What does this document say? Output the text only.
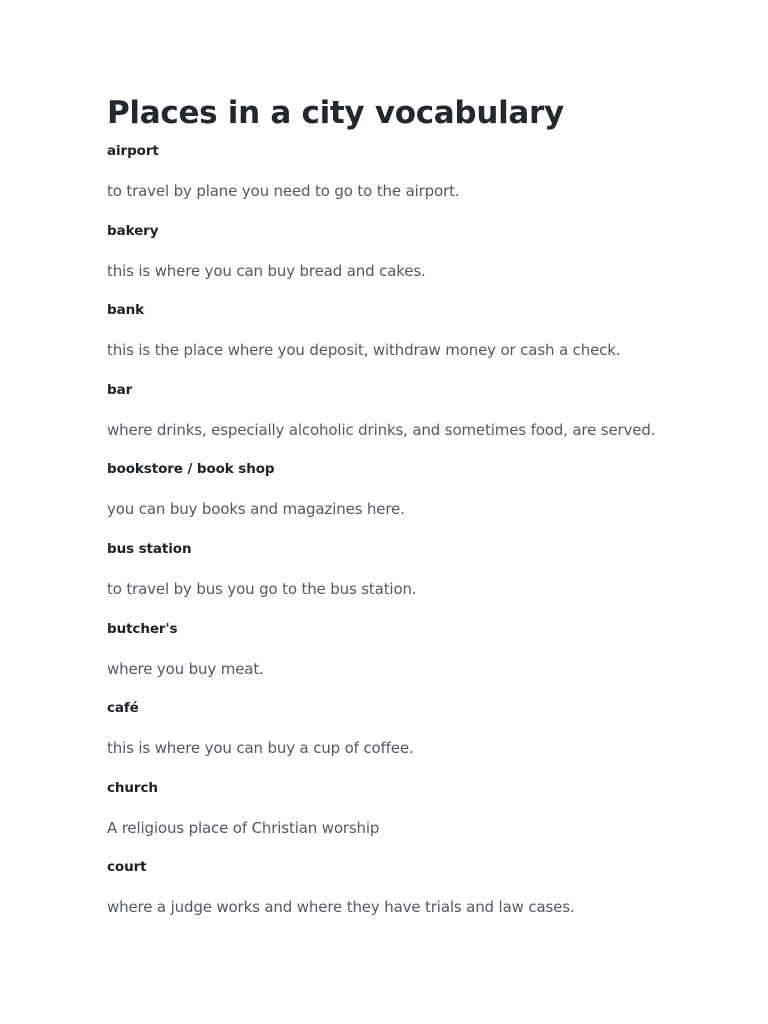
Places in a city vocabulary
airport
to travel by plane you need to go to the airport.
bakery
this is where you can buy bread and cakes.
bank
this is the place where you deposit, withdraw money or cash a check.
bar
where drinks, especially alcoholic drinks, and sometimes food, are served.
bookstore / book shop
you can buy books and magazines here.
bus station
to travel by bus you go to the bus station.
butcher's
where you buy meat.
café
this is where you can buy a cup of coffee.
church
A religious place of Christian worship
court
where a judge works and where they have trials and law cases.
